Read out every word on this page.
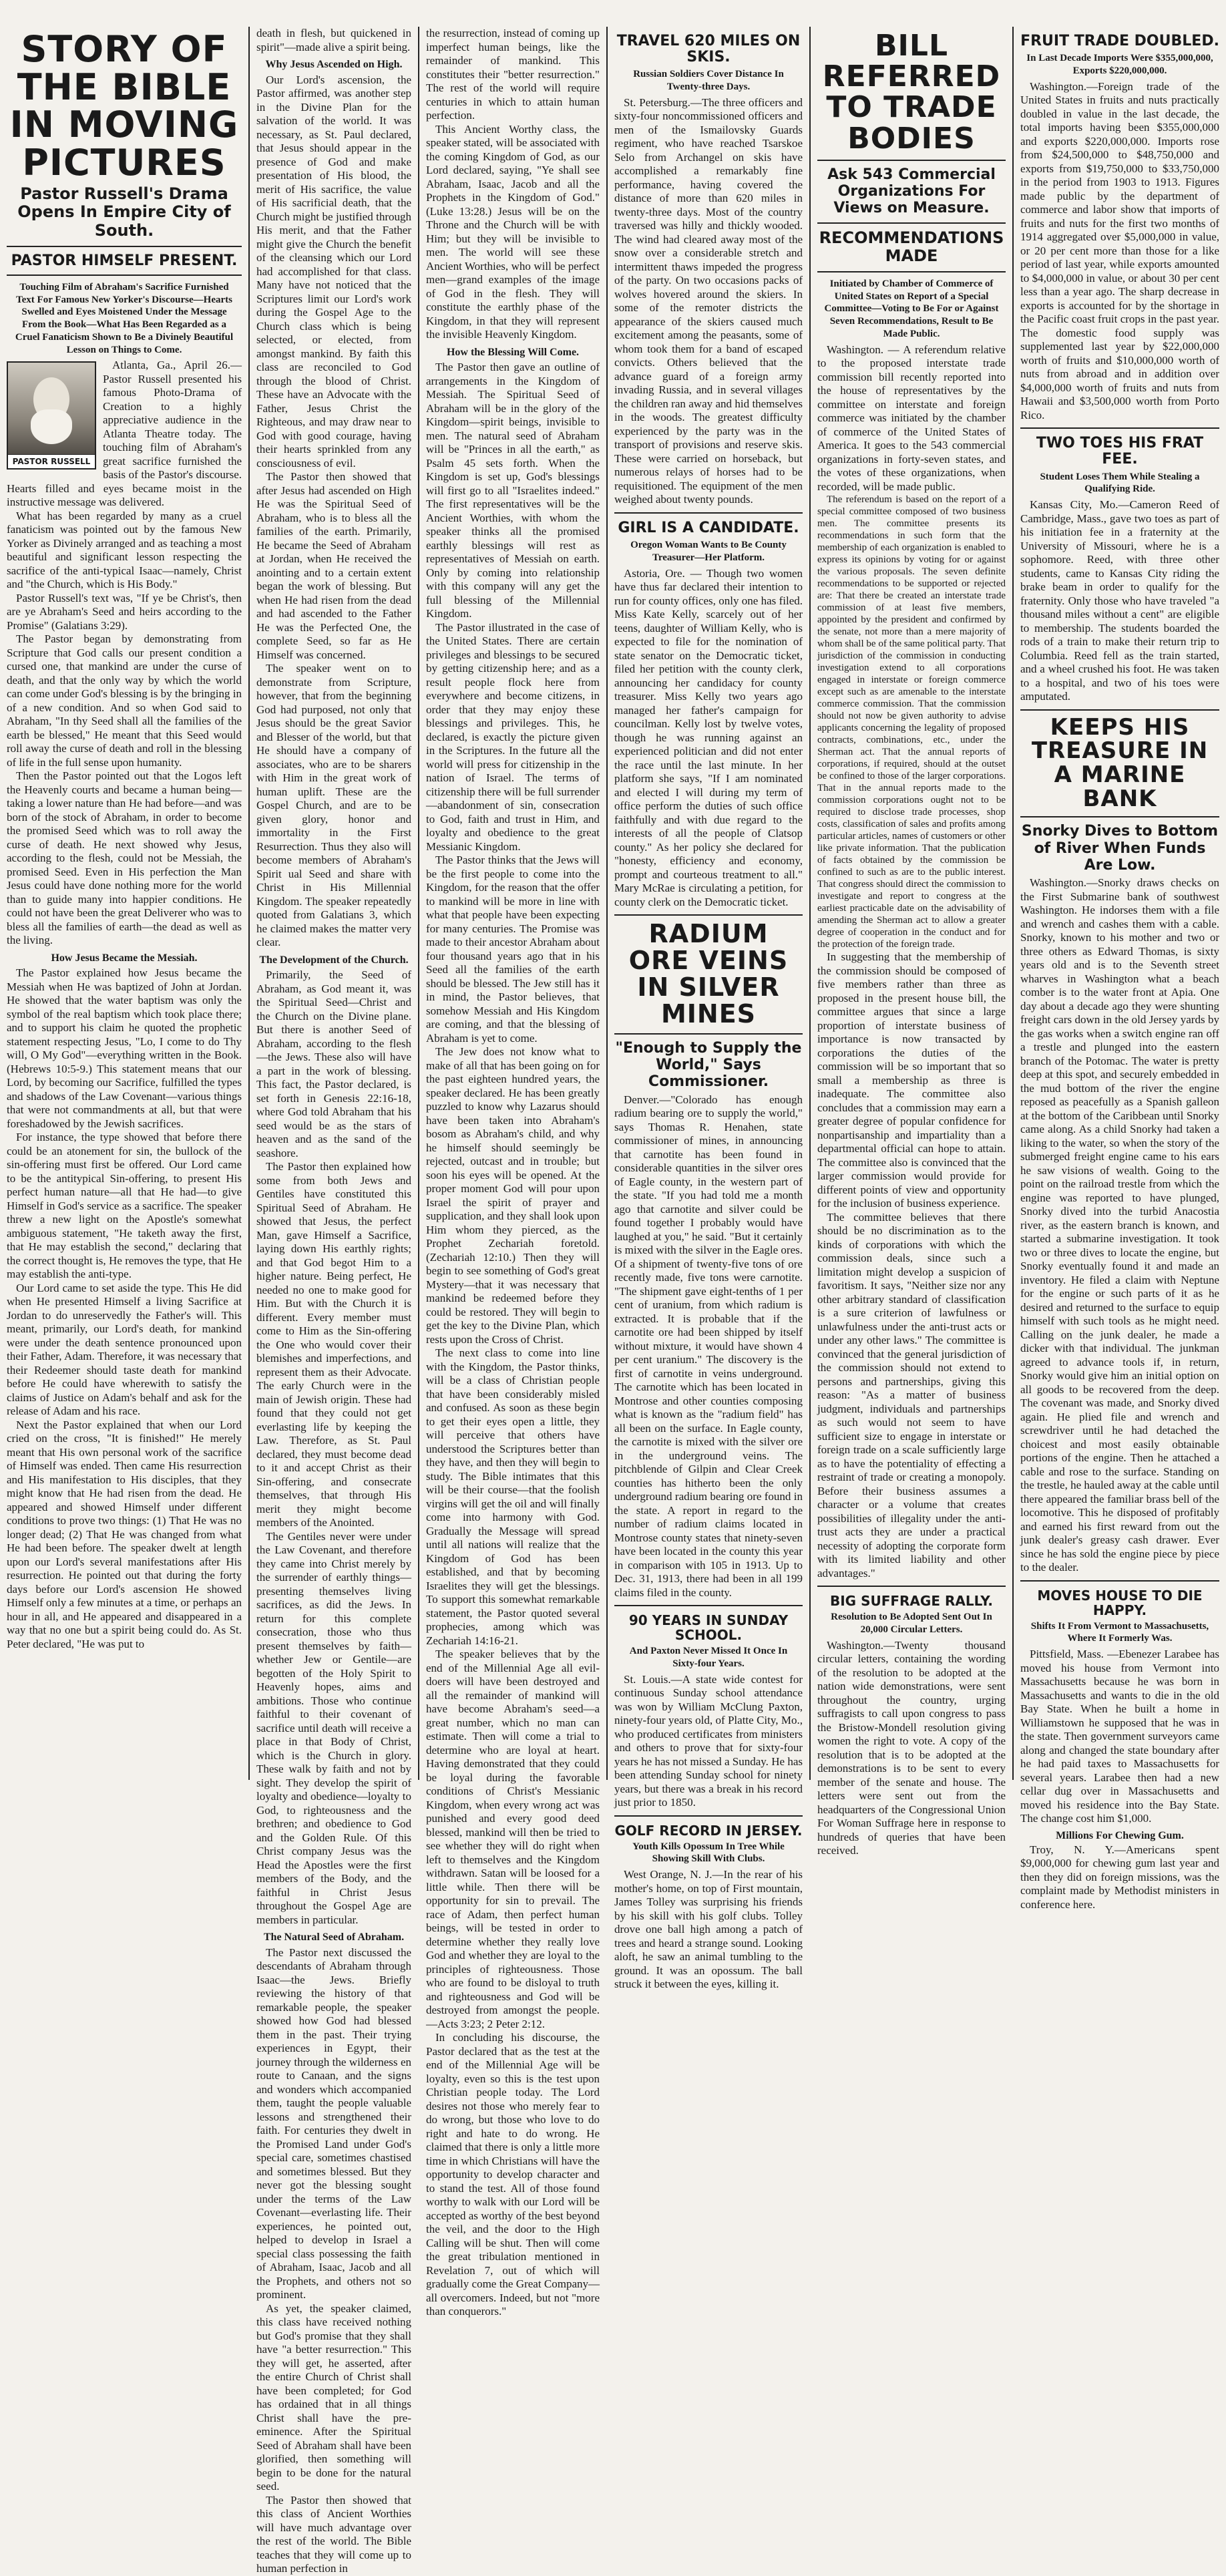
STORY OF THE BIBLE IN MOVING PICTURES
Pastor Russell's Drama Opens In Empire City of South.
PASTOR HIMSELF PRESENT.
Touching Film of Abraham's Sacrifice Furnished Text For Famous New Yorker's Discourse—Hearts Swelled and Eyes Moistened Under the Message From the Book—What Has Been Regarded as a Cruel Fanaticism Shown to Be a Divinely Beautiful Lesson on Things to Come.
PASTOR RUSSELL

Atlanta, Ga., April 26.—Pastor Russell presented his famous Photo-Drama of Creation to a highly appreciative audience in the Atlanta Theatre today. The touching film of Abraham's great sacrifice furnished the basis of the Pastor's discourse. Hearts filled and eyes became moist in the instructive message was delivered.

What has been regarded by many as a cruel fanaticism was pointed out by the famous New Yorker as Divinely arranged and as teaching a most beautiful and significant lesson respecting the sacrifice of the anti-typical Isaac—namely, Christ and "the Church, which is His Body."

Pastor Russell's text was, "If ye be Christ's, then are ye Abraham's Seed and heirs according to the Promise" (Galatians 3:29).

The Pastor began by demonstrating from Scripture that God calls our present condition a cursed one, that mankind are under the curse of death, and that the only way by which the world can come under God's blessing is by the bringing in of a new condition. And so when God said to Abraham, "In thy Seed shall all the families of the earth be blessed," He meant that this Seed would roll away the curse of death and roll in the blessing of life in the full sense upon humanity.

Then the Pastor pointed out that the Logos left the Heavenly courts and became a human being—taking a lower nature than He had before—and was born of the stock of Abraham, in order to become the promised Seed which was to roll away the curse of death. He next showed why Jesus, according to the flesh, could not be Messiah, the promised Seed. Even in His perfection the Man Jesus could have done nothing more for the world than to guide many into happier conditions. He could not have been the great Deliverer who was to bless all the families of earth—the dead as well as the living.

How Jesus Became the Messiah.

The Pastor explained how Jesus became the Messiah when He was baptized of John at Jordan. He showed that the water baptism was only the symbol of the real baptism which took place there; and to support his claim he quoted the prophetic statement respecting Jesus, "Lo, I come to do Thy will, O My God"—everything written in the Book. (Hebrews 10:5-9.) This statement means that our Lord, by becoming our Sacrifice, fulfilled the types and shadows of the Law Covenant—various things that were not commandments at all, but that were foreshadowed by the Jewish sacrifices.

For instance, the type showed that before there could be an atonement for sin, the bullock of the sin-offering must first be offered. Our Lord came to be the antitypical Sin-offering, to present His perfect human nature—all that He had—to give Himself in God's service as a sacrifice. The speaker threw a new light on the Apostle's somewhat ambiguous statement, "He taketh away the first, that He may establish the second," declaring that the correct thought is, He removes the type, that He may establish the anti-type.

Our Lord came to set aside the type. This He did when He presented Himself a living Sacrifice at Jordan to do unreservedly the Father's will. This meant, primarily, our Lord's death, for mankind were under the death sentence pronounced upon their Father, Adam. Therefore, it was necessary that their Redeemer should taste death for mankind before He could have wherewith to satisfy the claims of Justice on Adam's behalf and ask for the release of Adam and his race.

Next the Pastor explained that when our Lord cried on the cross, "It is finished!" He merely meant that His own personal work of the sacrifice of Himself was ended. Then came His resurrection and His manifestation to His disciples, that they might know that He had risen from the dead. He appeared and showed Himself under different conditions to prove two things: (1) That He was no longer dead; (2) That He was changed from what He had been before. The speaker dwelt at length upon our Lord's several manifestations after His resurrection. He pointed out that during the forty days before our Lord's ascension He showed Himself only a few minutes at a time, or perhaps an hour in all, and He appeared and disappeared in a way that no one but a spirit being could do. As St. Peter declared, "He was put to

death in flesh, but quickened in spirit"—made alive a spirit being.

Why Jesus Ascended on High.

Our Lord's ascension, the Pastor affirmed, was another step in the Divine Plan for the salvation of the world. It was necessary, as St. Paul declared, that Jesus should appear in the presence of God and make presentation of His blood, the merit of His sacrifice, the value of His sacrificial death, that the Church might be justified through His merit, and that the Father might give the Church the benefit of the cleansing which our Lord had accomplished for that class. Many have not noticed that the Scriptures limit our Lord's work during the Gospel Age to the Church class which is being selected, or elected, from amongst mankind. By faith this class are reconciled to God through the blood of Christ. These have an Advocate with the Father, Jesus Christ the Righteous, and may draw near to God with good courage, having their hearts sprinkled from any consciousness of evil.

The Pastor then showed that after Jesus had ascended on High He was the Spiritual Seed of Abraham, who is to bless all the families of the earth. Primarily, He became the Seed of Abraham at Jordan, when He received the anointing and to a certain extent began the work of blessing. But when He had risen from the dead and had ascended to the Father He was the Perfected One, the complete Seed, so far as He Himself was concerned.

The speaker went on to demonstrate from Scripture, however, that from the beginning God had purposed, not only that Jesus should be the great Savior and Blesser of the world, but that He should have a company of associates, who are to be sharers with Him in the great work of human uplift. These are the Gospel Church, and are to be given glory, honor and immortality in the First Resurrection. Thus they also will become members of Abraham's Spirit ual Seed and share with Christ in His Millennial Kingdom. The speaker repeatedly quoted from Galatians 3, which he claimed makes the matter very clear.

The Development of the Church.

Primarily, the Seed of Abraham, as God meant it, was the Spiritual Seed—Christ and the Church on the Divine plane. But there is another Seed of Abraham, according to the flesh—the Jews. These also will have a part in the work of blessing. This fact, the Pastor declared, is set forth in Genesis 22:16-18, where God told Abraham that his seed would be as the stars of heaven and as the sand of the seashore.

The Pastor then explained how some from both Jews and Gentiles have constituted this Spiritual Seed of Abraham. He showed that Jesus, the perfect Man, gave Himself a Sacrifice, laying down His earthly rights; and that God begot Him to a higher nature. Being perfect, He needed no one to make good for Him. But with the Church it is different. Every member must come to Him as the Sin-offering the One who would cover their blemishes and imperfections, and represent them as their Advocate. The early Church were in the main of Jewish origin. These had found that they could not get everlasting life by keeping the Law. Therefore, as St. Paul declared, they must become dead to it and accept Christ as their Sin-offering, and consecrate themselves, that through His merit they might become members of the Anointed.

The Gentiles never were under the Law Covenant, and therefore they came into Christ merely by the surrender of earthly things—presenting themselves living sacrifices, as did the Jews. In return for this complete consecration, those who thus present themselves by faith—whether Jew or Gentile—are begotten of the Holy Spirit to Heavenly hopes, aims and ambitions. Those who continue faithful to their covenant of sacrifice until death will receive a place in that Body of Christ, which is the Church in glory. These walk by faith and not by sight. They develop the spirit of loyalty and obedience—loyalty to God, to righteousness and the brethren; and obedience to God and the Golden Rule. Of this Christ company Jesus was the Head the Apostles were the first members of the Body, and the faithful in Christ Jesus throughout the Gospel Age are members in particular.

The Natural Seed of Abraham.

The Pastor next discussed the descendants of Abraham through Isaac—the Jews. Briefly reviewing the history of that remarkable people, the speaker showed how God had blessed them in the past. Their trying experiences in Egypt, their journey through the wilderness en route to Canaan, and the signs and wonders which accompanied them, taught the people valuable lessons and strengthened their faith. For centuries they dwelt in the Promised Land under God's special care, sometimes chastised and sometimes blessed. But they never got the blessing sought under the terms of the Law Covenant—everlasting life. Their experiences, he pointed out, helped to develop in Israel a special class possessing the faith of Abraham, Isaac, Jacob and all the Prophets, and others not so prominent.

As yet, the speaker claimed, this class have received nothing but God's promise that they shall have "a better resurrection." This they will get, he asserted, after the entire Church of Christ shall have been completed; for God has ordained that in all things Christ shall have the pre-eminence. After the Spiritual Seed of Abraham shall have been glorified, then something will begin to be done for the natural seed.

The Pastor then showed that this class of Ancient Worthies will have much advantage over the rest of the world. The Bible teaches that they will come up to human perfection in

the resurrection, instead of coming up imperfect human beings, like the remainder of mankind. This constitutes their "better resurrection." The rest of the world will require centuries in which to attain human perfection.

This Ancient Worthy class, the speaker stated, will be associated with the coming Kingdom of God, as our Lord declared, saying, "Ye shall see Abraham, Isaac, Jacob and all the Prophets in the Kingdom of God." (Luke 13:28.) Jesus will be on the Throne and the Church will be with Him; but they will be invisible to men. The world will see these Ancient Worthies, who will be perfect men—grand examples of the image of God in the flesh. They will constitute the earthly phase of the Kingdom, in that they will represent the invisible Heavenly Kingdom.

How the Blessing Will Come.

The Pastor then gave an outline of arrangements in the Kingdom of Messiah. The Spiritual Seed of Abraham will be in the glory of the Kingdom—spirit beings, invisible to men. The natural seed of Abraham will be "Princes in all the earth," as Psalm 45 sets forth. When the Kingdom is set up, God's blessings will first go to all "Israelites indeed." The first representatives will be the Ancient Worthies, with whom the speaker thinks all the promised earthly blessings will rest as representatives of Messiah on earth. Only by coming into relationship with this company will any get the full blessing of the Millennial Kingdom.

The Pastor illustrated in the case of the United States. There are certain privileges and blessings to be secured by getting citizenship here; and as a result people flock here from everywhere and become citizens, in order that they may enjoy these blessings and privileges. This, he declared, is exactly the picture given in the Scriptures. In the future all the world will press for citizenship in the nation of Israel. The terms of citizenship there will be full surrender—abandonment of sin, consecration to God, faith and trust in Him, and loyalty and obedience to the great Messianic Kingdom.

The Pastor thinks that the Jews will be the first people to come into the Kingdom, for the reason that the offer to mankind will be more in line with what that people have been expecting for many centuries. The Promise was made to their ancestor Abraham about four thousand years ago that in his Seed all the families of the earth should be blessed. The Jew still has it in mind, the Pastor believes, that somehow Messiah and His Kingdom are coming, and that the blessing of Abraham is yet to come.

The Jew does not know what to make of all that has been going on for the past eighteen hundred years, the speaker declared. He has been greatly puzzled to know why Lazarus should have been taken into Abraham's bosom as Abraham's child, and why he himself should seemingly be rejected, outcast and in trouble; but soon his eyes will be opened. At the proper moment God will pour upon Israel the spirit of prayer and supplication, and they shall look upon Him whom they pierced, as the Prophet Zechariah foretold. (Zechariah 12:10.) Then they will begin to see something of God's great Mystery—that it was necessary that mankind be redeemed before they could be restored. They will begin to get the key to the Divine Plan, which rests upon the Cross of Christ.

The next class to come into line with the Kingdom, the Pastor thinks, will be a class of Christian people that have been considerably misled and confused. As soon as these begin to get their eyes open a little, they will perceive that others have understood the Scriptures better than they have, and then they will begin to study. The Bible intimates that this will be their course—that the foolish virgins will get the oil and will finally come into harmony with God. Gradually the Message will spread until all nations will realize that the Kingdom of God has been established, and that by becoming Israelites they will get the blessings. To support this somewhat remarkable statement, the Pastor quoted several prophecies, among which was Zechariah 14:16-21.

The speaker believes that by the end of the Millennial Age all evil-doers will have been destroyed and all the remainder of mankind will have become Abraham's seed—a great number, which no man can estimate. Then will come a trial to determine who are loyal at heart. Having demonstrated that they could be loyal during the favorable conditions of Christ's Messianic Kingdom, when every wrong act was punished and every good deed blessed, mankind will then be tried to see whether they will do right when left to themselves and the Kingdom withdrawn. Satan will be loosed for a little while. Then there will be opportunity for sin to prevail. The race of Adam, then perfect human beings, will be tested in order to determine whether they really love God and whether they are loyal to the principles of righteousness. Those who are found to be disloyal to truth and righteousness and God will be destroyed from amongst the people.—Acts 3:23; 2 Peter 2:12.

In concluding his discourse, the Pastor declared that as the test at the end of the Millennial Age will be loyalty, even so this is the test upon Christian people today. The Lord desires not those who merely fear to do wrong, but those who love to do right and hate to do wrong. He claimed that there is only a little more time in which Christians will have the opportunity to develop character and to stand the test. All of those found worthy to walk with our Lord will be accepted as worthy of the best beyond the veil, and the door to the High Calling will be shut. Then will come the great tribulation mentioned in Revelation 7, out of which will gradually come the Great Company—all overcomers. Indeed, but not "more than conquerors."

TRAVEL 620 MILES ON SKIS.
Russian Soldiers Cover Distance In Twenty-three Days.

St. Petersburg.—The three officers and sixty-four noncommissioned officers and men of the Ismailovsky Guards regiment, who have reached Tsarskoe Selo from Archangel on skis have accomplished a remarkably fine performance, having covered the distance of more than 620 miles in twenty-three days. Most of the country traversed was hilly and thickly wooded. The wind had cleared away most of the snow over a considerable stretch and intermittent thaws impeded the progress of the party. On two occasions packs of wolves hovered around the skiers. In some of the remoter districts the appearance of the skiers caused much excitement among the peasants, some of whom took them for a band of escaped convicts. Others believed that the advance guard of a foreign army invading Russia, and in several villages the children ran away and hid themselves in the woods. The greatest difficulty experienced by the party was in the transport of provisions and reserve skis. These were carried on horseback, but numerous relays of horses had to be requisitioned. The equipment of the men weighed about twenty pounds.

GIRL IS A CANDIDATE.
Oregon Woman Wants to Be County Treasurer—Her Platform.

Astoria, Ore. — Though two women have thus far declared their intention to run for county offices, only one has filed. Miss Kate Kelly, scarcely out of her teens, daughter of William Kelly, who is expected to file for the nomination of state senator on the Democratic ticket, filed her petition with the county clerk, announcing her candidacy for county treasurer. Miss Kelly two years ago managed her father's campaign for councilman. Kelly lost by twelve votes, though he was running against an experienced politician and did not enter the race until the last minute. In her platform she says, "If I am nominated and elected I will during my term of office perform the duties of such office faithfully and with due regard to the interests of all the people of Clatsop county." As her policy she declared for "honesty, efficiency and economy, prompt and courteous treatment to all." Mary McRae is circulating a petition, for county clerk on the Democratic ticket.

RADIUM ORE VEINS IN SILVER MINES
"Enough to Supply the World," Says Commissioner.

Denver.—"Colorado has enough radium bearing ore to supply the world," says Thomas R. Henahen, state commissioner of mines, in announcing that carnotite has been found in considerable quantities in the silver ores of Eagle county, in the western part of the state. "If you had told me a month ago that carnotite and silver could be found together I probably would have laughed at you," he said. "But it certainly is mixed with the silver in the Eagle ores. Of a shipment of twenty-five tons of ore recently made, five tons were carnotite. "The shipment gave eight-tenths of 1 per cent of uranium, from which radium is extracted. It is probable that if the carnotite ore had been shipped by itself without mixture, it would have shown 4 per cent uranium." The discovery is the first of carnotite in veins underground. The carnotite which has been located in Montrose and other counties composing what is known as the "radium field" has all been on the surface. In Eagle county, the carnotite is mixed with the silver ore in the underground veins. The pitchblende of Gilpin and Clear Creek counties has hitherto been the only underground radium bearing ore found in the state. A report in regard to the number of radium claims located in Montrose county states that ninety-seven have been located in the county this year in comparison with 105 in 1913. Up to Dec. 31, 1913, there had been in all 199 claims filed in the county.

90 YEARS IN SUNDAY SCHOOL.
And Paxton Never Missed It Once In Sixty-four Years.

St. Louis.—A state wide contest for continuous Sunday school attendance was won by William McClung Paxton, ninety-four years old, of Platte City, Mo., who produced certificates from ministers and others to prove that for sixty-four years he has not missed a Sunday. He has been attending Sunday school for ninety years, but there was a break in his record just prior to 1850.

GOLF RECORD IN JERSEY.
Youth Kills Opossum In Tree While Showing Skill With Clubs.

West Orange, N. J.—In the rear of his mother's home, on top of First mountain, James Tolley was surprising his friends by his skill with his golf clubs. Tolley drove one ball high among a patch of trees and heard a strange sound. Looking aloft, he saw an animal tumbling to the ground. It was an opossum. The ball struck it between the eyes, killing it.

BILL REFERRED TO TRADE BODIES
Ask 543 Commercial Organizations For Views on Measure.
RECOMMENDATIONS MADE
Initiated by Chamber of Commerce of United States on Report of a Special Committee—Voting to Be For or Against Seven Recommendations, Result to Be Made Public.

Washington. — A referendum relative to the proposed interstate trade commission bill recently reported into the house of representatives by the committee on interstate and foreign commerce was initiated by the chamber of commerce of the United States of America. It goes to the 543 commercial organizations in forty-seven states, and the votes of these organizations, when recorded, will be made public.

The referendum is based on the report of a special committee composed of two business men. The committee presents its recommendations in such form that the membership of each organization is enabled to express its opinions by voting for or against the various proposals. The seven definite recommendations to be supported or rejected are: That there be created an interstate trade commission of at least five members, appointed by the president and confirmed by the senate, not more than a mere majority of whom shall be of the same political party. That jurisdiction of the commission in conducting investigation extend to all corporations engaged in interstate or foreign commerce except such as are amenable to the interstate commerce commission. That the commission should not now be given authority to advise applicants concerning the legality of proposed contracts, combinations, etc., under the Sherman act. That the annual reports of corporations, if required, should at the outset be confined to those of the larger corporations. That in the annual reports made to the commission corporations ought not to be required to disclose trade processes, shop costs, classification of sales and profits among particular articles, names of customers or other like private information. That the publication of facts obtained by the commission be confined to such as are to the public interest. That congress should direct the commission to investigate and report to congress at the earliest practicable date on the advisability of amending the Sherman act to allow a greater degree of cooperation in the conduct and for the protection of the foreign trade.

In suggesting that the membership of the commission should be composed of five members rather than three as proposed in the present house bill, the committee argues that since a large proportion of interstate business of importance is now transacted by corporations the duties of the commission will be so important that so small a membership as three is inadequate. The committee also concludes that a commission may earn a greater degree of popular confidence for nonpartisanship and impartiality than a departmental official can hope to attain. The committee also is convinced that the larger commission would provide for different points of view and opportunity for the inclusion of business experience.

The committee believes that there should be no discrimination as to the kinds of corporations with which the commission deals, since such a limitation might develop a suspicion of favoritism. It says, "Neither size nor any other arbitrary standard of classification is a sure criterion of lawfulness or unlawfulness under the anti-trust acts or under any other laws." The committee is convinced that the general jurisdiction of the commission should not extend to persons and partnerships, giving this reason: "As a matter of business judgment, individuals and partnerships as such would not seem to have sufficient size to engage in interstate or foreign trade on a scale sufficiently large as to have the potentiality of effecting a restraint of trade or creating a monopoly. Before their business assumes a character or a volume that creates possibilities of illegality under the anti-trust acts they are under a practical necessity of adopting the corporate form with its limited liability and other advantages."

BIG SUFFRAGE RALLY.
Resolution to Be Adopted Sent Out In 20,000 Circular Letters.

Washington.—Twenty thousand circular letters, containing the wording of the resolution to be adopted at the nation wide demonstrations, were sent throughout the country, urging suffragists to call upon congress to pass the Bristow-Mondell resolution giving women the right to vote. A copy of the resolution that is to be adopted at the demonstrations is to be sent to every member of the senate and house. The letters were sent out from the headquarters of the Congressional Union For Woman Suffrage here in response to hundreds of queries that have been received.

FRUIT TRADE DOUBLED.
In Last Decade Imports Were $355,000,000, Exports $220,000,000.

Washington.—Foreign trade of the United States in fruits and nuts practically doubled in value in the last decade, the total imports having been $355,000,000 and exports $220,000,000. Imports rose from $24,500,000 to $48,750,000 and exports from $19,750,000 to $33,750,000 in the period from 1903 to 1913. Figures made public by the department of commerce and labor show that imports of fruits and nuts for the first two months of 1914 aggregated over $5,000,000 in value, or 20 per cent more than those for a like period of last year, while exports amounted to $4,000,000 in value, or about 30 per cent less than a year ago. The sharp decrease in exports is accounted for by the shortage in the Pacific coast fruit crops in the past year. The domestic food supply was supplemented last year by $22,000,000 worth of fruits and $10,000,000 worth of nuts from abroad and in addition over $4,000,000 worth of fruits and nuts from Hawaii and $3,500,000 worth from Porto Rico.

TWO TOES HIS FRAT FEE.
Student Loses Them While Stealing a Qualifying Ride.

Kansas City, Mo.—Cameron Reed of Cambridge, Mass., gave two toes as part of his initiation fee in a fraternity at the University of Missouri, where he is a sophomore. Reed, with three other students, came to Kansas City riding the brake beam in order to qualify for the fraternity. Only those who have traveled "a thousand miles without a cent" are eligible to membership. The students boarded the rods of a train to make their return trip to Columbia. Reed fell as the train started, and a wheel crushed his foot. He was taken to a hospital, and two of his toes were amputated.

KEEPS HIS TREASURE IN A MARINE BANK
Snorky Dives to Bottom of River When Funds Are Low.

Washington.—Snorky draws checks on the First Submarine bank of southwest Washington. He indorses them with a file and wrench and cashes them with a cable. Snorky, known to his mother and two or three others as Edward Thomas, is sixty years old and is to the Seventh street wharves in Washington what a beach comber is to the water front at Apia. One day about a decade ago they were shunting freight cars down in the old Jersey yards by the gas works when a switch engine ran off a trestle and plunged into the eastern branch of the Potomac. The water is pretty deep at this spot, and securely embedded in the mud bottom of the river the engine reposed as peacefully as a Spanish galleon at the bottom of the Caribbean until Snorky came along. As a child Snorky had taken a liking to the water, so when the story of the submerged freight engine came to his ears he saw visions of wealth. Going to the point on the railroad trestle from which the engine was reported to have plunged, Snorky dived into the turbid Anacostia river, as the eastern branch is known, and started a submarine investigation. It took two or three dives to locate the engine, but Snorky eventually found it and made an inventory. He filed a claim with Neptune for the engine or such parts of it as he desired and returned to the surface to equip himself with such tools as he might need. Calling on the junk dealer, he made a dicker with that individual. The junkman agreed to advance tools if, in return, Snorky would give him an initial option on all goods to be recovered from the deep. The covenant was made, and Snorky dived again. He plied file and wrench and screwdriver until he had detached the choicest and most easily obtainable portions of the engine. Then he attached a cable and rose to the surface. Standing on the trestle, he hauled away at the cable until there appeared the familiar brass bell of the locomotive. This he disposed of profitably and earned his first reward from out the junk dealer's greasy cash drawer. Ever since he has sold the engine piece by piece to the dealer.

MOVES HOUSE TO DIE HAPPY.
Shifts It From Vermont to Massachusetts, Where It Formerly Was.

Pittsfield, Mass. —Ebenezer Larabee has moved his house from Vermont into Massachusetts because he was born in Massachusetts and wants to die in the old Bay State. When he built a home in Williamstown he supposed that he was in the state. Then government surveyors came along and changed the state boundary after he had paid taxes to Massachusetts for several years. Larabee then had a new cellar dug over in Massachusetts and moved his residence into the Bay State. The change cost him $1,000.

Millions For Chewing Gum.

Troy, N. Y.—Americans spent $9,000,000 for chewing gum last year and then they did on foreign missions, was the complaint made by Methodist ministers in conference here.
